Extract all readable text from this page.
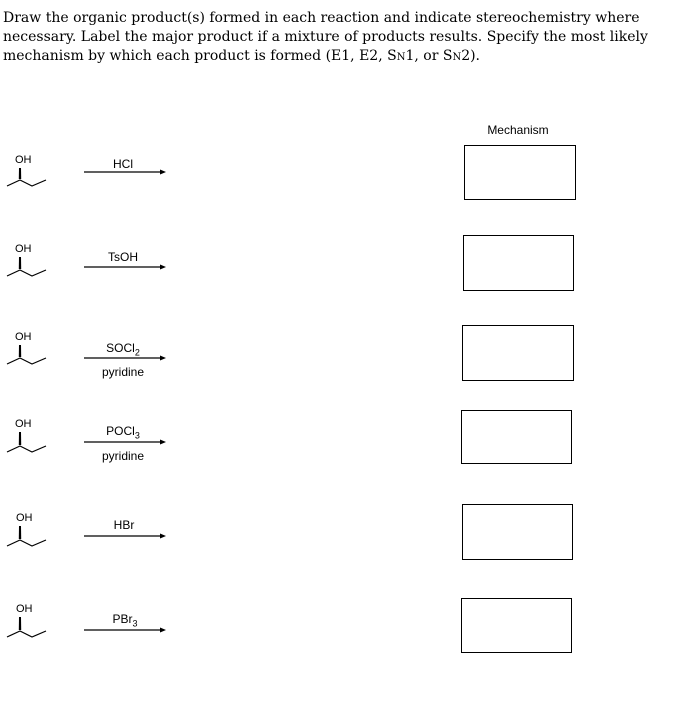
Draw the organic product(s) formed in each reaction and indicate stereochemistry where
necessary. Label the major product if a mixture of products results. Specify the most likely
mechanism by which each product is formed (E1, E2, SN1, or SN2).
Mechanism
OH	HCl
OH
TsOH
OH
SOCl$_2$
pyridine
OH	POCl$_3$
pyridine
OH	HBr
OH
PBr$_3$
